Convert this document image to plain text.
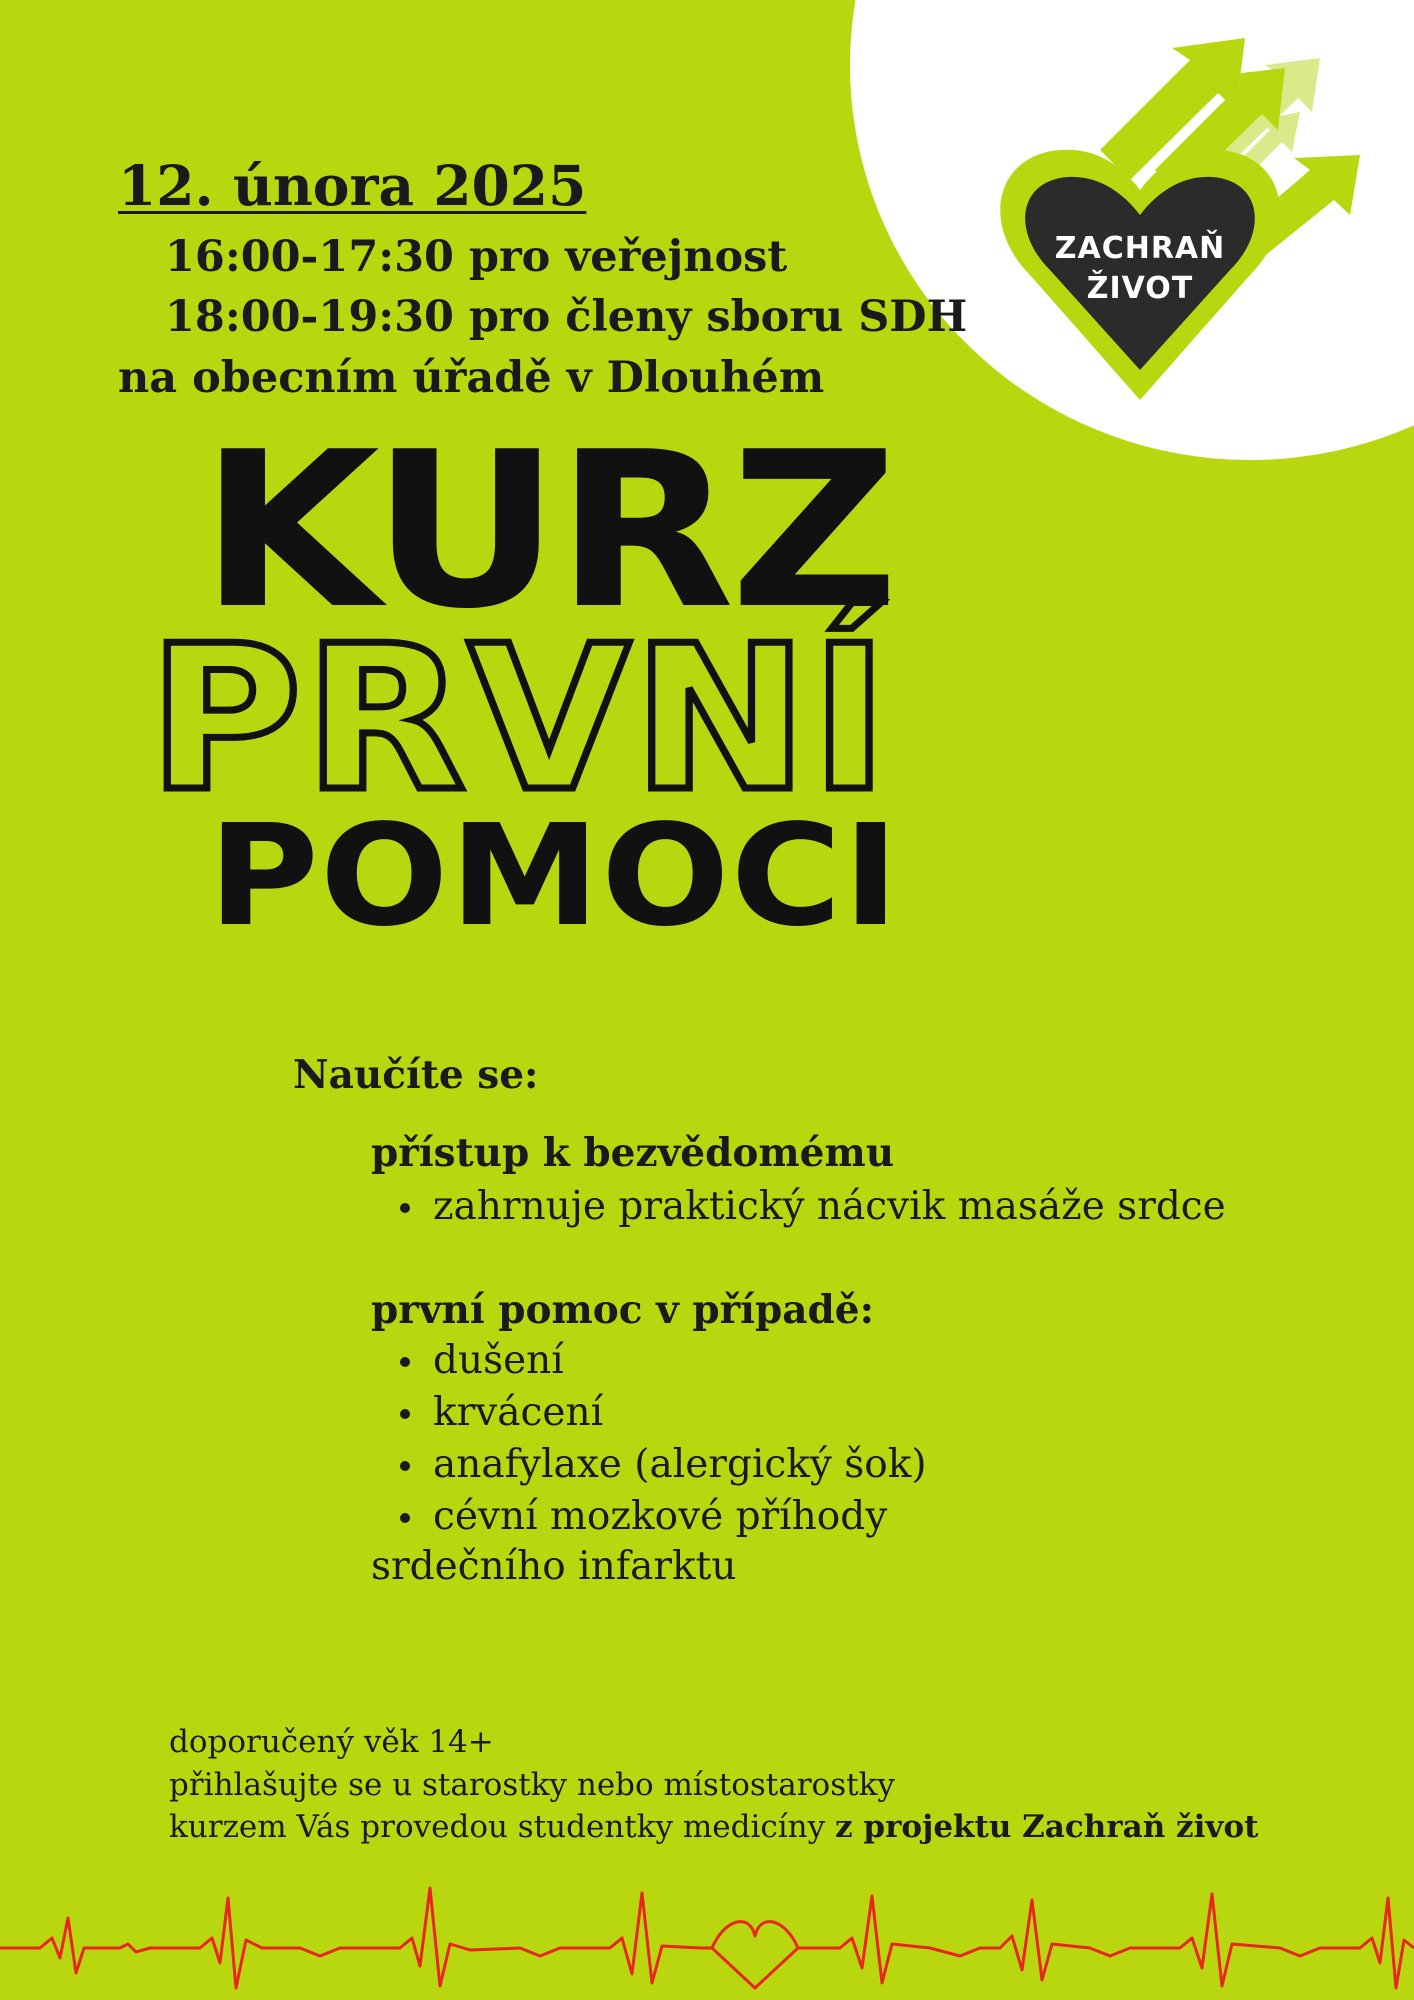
ZACHRAŇ
ŽIVOT

12. února 2025

16:00-17:30 pro veřejnost

18:00-19:30 pro členy sboru SDH

na obecním úřadě v Dlouhém

KURZ

PRVNÍ

POMOCI

Naučíte se:

přístup k bezvědomému

zahrnuje praktický nácvik masáže srdce

první pomoc v případě:

dušení
krvácení
anafylaxe (alergický šok)
cévní mozkové příhody

srdečního infarktu

doporučený věk 14+

přihlašujte se u starostky nebo místostarostky

kurzem Vás provedou studentky medicíny z projektu Zachraň život
